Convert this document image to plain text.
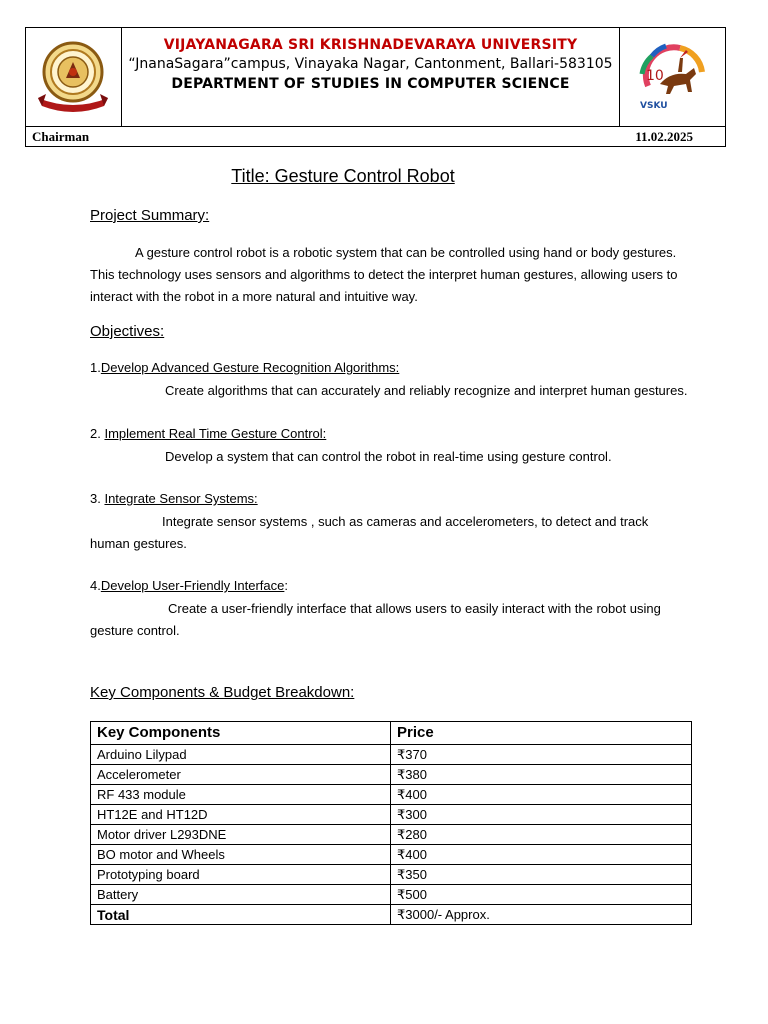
VIJAYANAGARA SRI KRISHNADEVARAYA UNIVERSITY
“JnanaSagara”campus, Vinayaka Nagar, Cantonment, Ballari-583105
DEPARTMENT OF STUDIES IN COMPUTER SCIENCE	10
VSKU
Chairman	11.02.2025
Title: Gesture Control Robot
Project Summary:
A gesture control robot is a robotic system that can be controlled using hand or body gestures. This technology uses sensors and algorithms to detect the interpret human gestures, allowing users to interact with the robot in a more natural and intuitive way.
Objectives:
1.Develop Advanced Gesture Recognition Algorithms:
Create algorithms that can accurately and reliably recognize and interpret human gestures.
2. Implement Real Time Gesture Control:
Develop a system that can control the robot in real-time using gesture control.
3. Integrate Sensor Systems:
Integrate sensor systems , such as cameras and accelerometers, to detect and track human gestures.
4.Develop User-Friendly Interface:
Create a user-friendly interface that allows users to easily interact with the robot using gesture control.
Key Components & Budget Breakdown:
Key Components	Price
Arduino Lilypad	₹370
Accelerometer	₹380
RF 433 module	₹400
HT12E and HT12D	₹300
Motor driver L293DNE	₹280
BO motor and Wheels	₹400
Prototyping board	₹350
Battery	₹500
Total	₹3000/- Approx.
